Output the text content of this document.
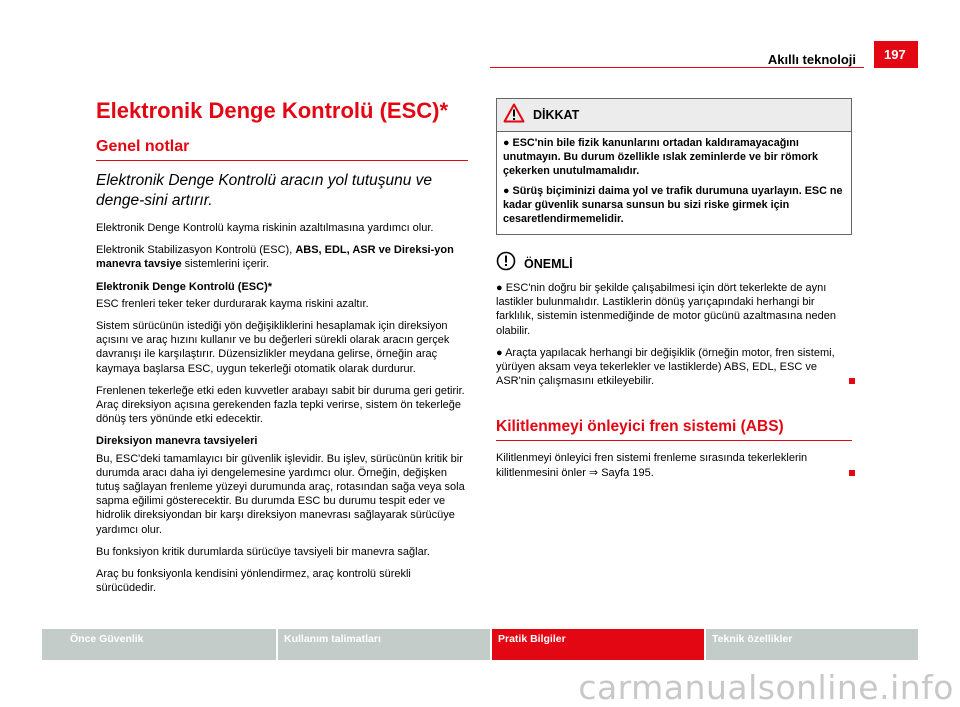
Akıllı teknoloji	197
Elektronik Denge Kontrolü (ESC)*
Genel notlar
Elektronik Denge Kontrolü aracın yol tutuşunu ve denge-sini artırır.

Elektronik Denge Kontrolü kayma riskinin azaltılmasına yardımcı olur.

Elektronik Stabilizasyon Kontrolü (ESC), ABS, EDL, ASR ve Direksi-yon manevra tavsiye sistemlerini içerir.

Elektronik Denge Kontrolü (ESC)*

ESC frenleri teker teker durdurarak kayma riskini azaltır.

Sistem sürücünün istediği yön değişikliklerini hesaplamak için direksiyon açısını ve araç hızını kullanır ve bu değerleri sürekli olarak aracın gerçek davranışı ile karşılaştırır. Düzensizlikler meydana gelirse, örneğin araç kaymaya başlarsa ESC, uygun tekerleği otomatik olarak durdurur.

Frenlenen tekerleğe etki eden kuvvetler arabayı sabit bir duruma geri getirir. Araç direksiyon açısına gerekenden fazla tepki verirse, sistem ön tekerleğe dönüş ters yönünde etki edecektir.

Direksiyon manevra tavsiyeleri

Bu, ESC'deki tamamlayıcı bir güvenlik işlevidir. Bu işlev, sürücünün kritik bir durumda aracı daha iyi dengelemesine yardımcı olur. Örneğin, değişken tutuş sağlayan frenleme yüzeyi durumunda araç, rotasından sağa veya sola sapma eğilimi gösterecektir. Bu durumda ESC bu durumu tespit eder ve hidrolik direksiyondan bir karşı direksiyon manevrası sağlayarak sürücüye yardımcı olur.

Bu fonksiyon kritik durumlarda sürücüye tavsiyeli bir manevra sağlar.

Araç bu fonksiyonla kendisini yönlendirmez, araç kontrolü sürekli sürücüdedir.

DİKKAT

● ESC'nin bile fizik kanunlarını ortadan kaldıramayacağını unutmayın. Bu durum özellikle ıslak zeminlerde ve bir römork çekerken unutulmamalıdır.

● Sürüş biçiminizi daima yol ve trafik durumuna uyarlayın. ESC ne kadar güvenlik sunarsa sunsun bu sizi riske girmek için cesaretlendirmemelidir.

ÖNEMLİ

● ESC'nin doğru bir şekilde çalışabilmesi için dört tekerlekte de aynı lastikler bulunmalıdır. Lastiklerin dönüş yarıçapındaki herhangi bir farklılık, sistemin istenmediğinde de motor gücünü azaltmasına neden olabilir.

● Araçta yapılacak herhangi bir değişiklik (örneğin motor, fren sistemi, yürüyen aksam veya tekerlekler ve lastiklerde) ABS, EDL, ESC ve ASR'nin çalışmasını etkileyebilir.

Kilitlenmeyi önleyici fren sistemi (ABS)

Kilitlenmeyi önleyici fren sistemi frenleme sırasında tekerleklerin kilitlenmesini önler ⇒ Sayfa 195.

Önce Güvenlik	Kullanım talimatları	Pratik Bilgiler	Teknik özellikler
carmanualsonline.info
